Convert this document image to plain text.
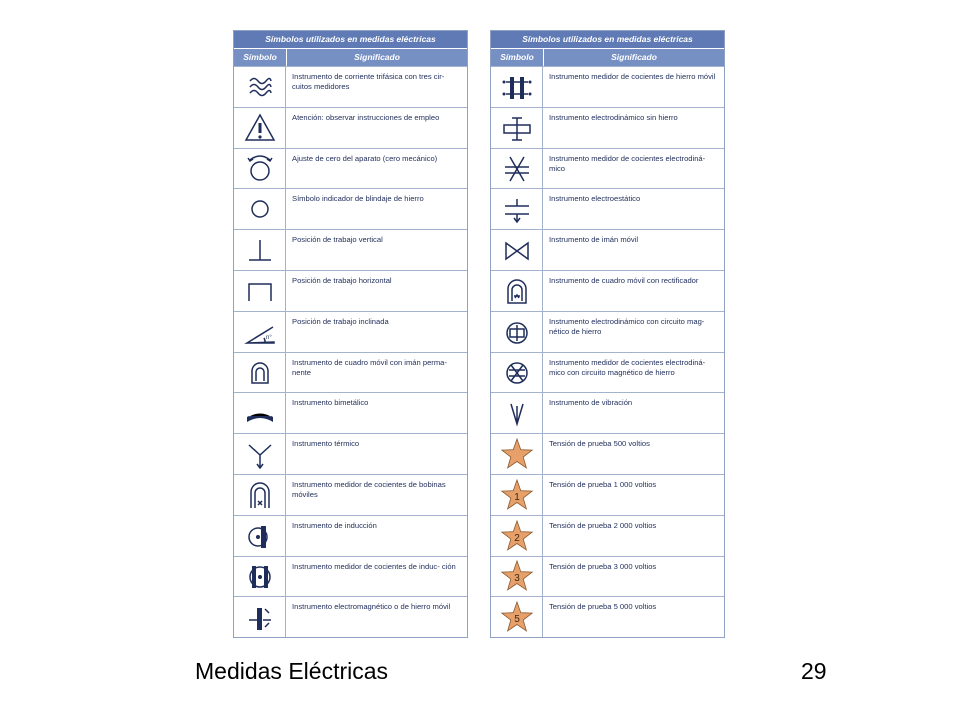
Símbolos utilizados en medidas eléctricas
Símbolo	Significado
Instrumento de corriente trifásica con tres cir- cuitos medidores
Atención: observar instrucciones de empleo
Ajuste de cero del aparato (cero mecánico)
Símbolo indicador de blindaje de hierro
Posición de trabajo vertical
Posición de trabajo horizontal
n°
Posición de trabajo inclinada
Instrumento de cuadro móvil con imán perma- nente
Instrumento bimetálico
Instrumento térmico
Instrumento medidor de cocientes de bobinas móviles
Instrumento de inducción
Instrumento medidor de cocientes de induc- ción
Instrumento electromagnético o de hierro móvil
Símbolos utilizados en medidas eléctricas
Símbolo	Significado
Instrumento medidor de cocientes de hierro móvil
Instrumento electrodinámico sin hierro
Instrumento medidor de cocientes electrodiná- mico
Instrumento electroestático
Instrumento de imán móvil
Instrumento de cuadro móvil con rectificador
Instrumento electrodinámico con circuito mag- nético de hierro
Instrumento medidor de cocientes electrodiná- mico con circuito magnético de hierro
Instrumento de vibración
Tensión de prueba 500 voltios
1
Tensión de prueba 1 000 voltios
2
Tensión de prueba 2 000 voltios
3
Tensión de prueba 3 000 voltios
5
Tensión de prueba 5 000 voltios
Medidas Eléctricas	29
